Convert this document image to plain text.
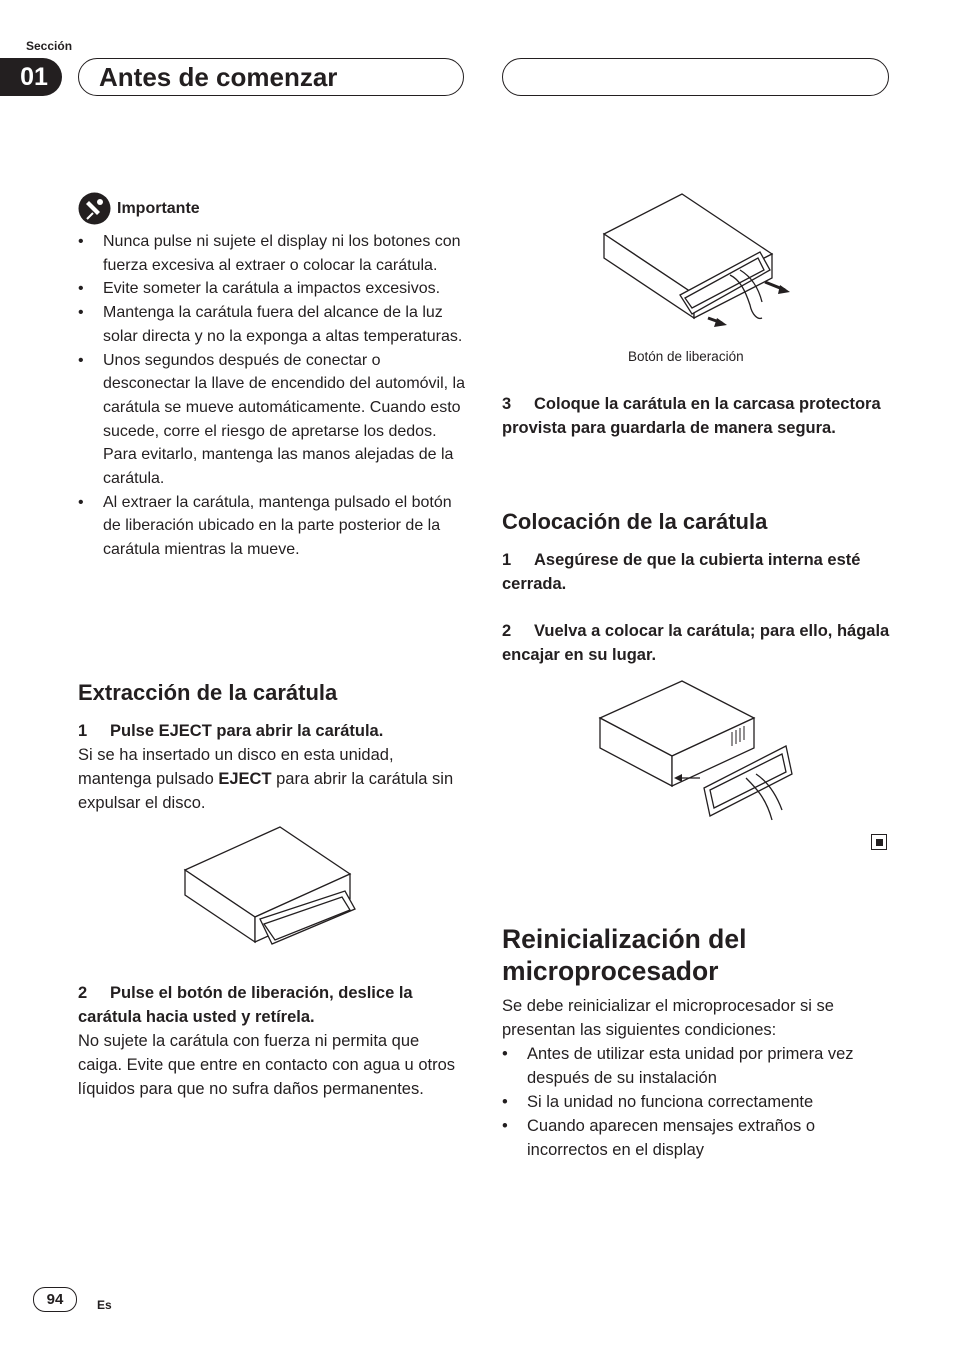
Sección
01	Antes de comenzar
Importante
• Nunca pulse ni sujete el display ni los botones con fuerza excesiva al extraer o colocar la carátula.
• Evite someter la carátula a impactos excesivos.
• Mantenga la carátula fuera del alcance de la luz solar directa y no la exponga a altas temperaturas.
• Unos segundos después de conectar o desconectar la llave de encendido del automóvil, la carátula se mueve automáticamente. Cuando esto sucede, corre el riesgo de apretarse los dedos. Para evitarlo, mantenga las manos alejadas de la carátula.
• Al extraer la carátula, mantenga pulsado el botón de liberación ubicado en la parte posterior de la carátula mientras la mueve.
Extracción de la carátula
1 Pulse EJECT para abrir la carátula.
Si se ha insertado un disco en esta unidad, mantenga pulsado EJECT para abrir la carátula sin expulsar el disco.
2 Pulse el botón de liberación, deslice la carátula hacia usted y retírela.
No sujete la carátula con fuerza ni permita que caiga. Evite que entre en contacto con agua u otros líquidos para que no sufra daños permanentes.
Botón de liberación
3 Coloque la carátula en la carcasa protectora provista para guardarla de manera segura.
Colocación de la carátula
1 Asegúrese de que la cubierta interna esté cerrada.
2 Vuelva a colocar la carátula; para ello, hágala encajar en su lugar.
Reinicialización del microprocesador
Se debe reinicializar el microprocesador si se presentan las siguientes condiciones:
• Antes de utilizar esta unidad por primera vez después de su instalación
• Si la unidad no funciona correctamente
• Cuando aparecen mensajes extraños o incorrectos en el display
94	Es
